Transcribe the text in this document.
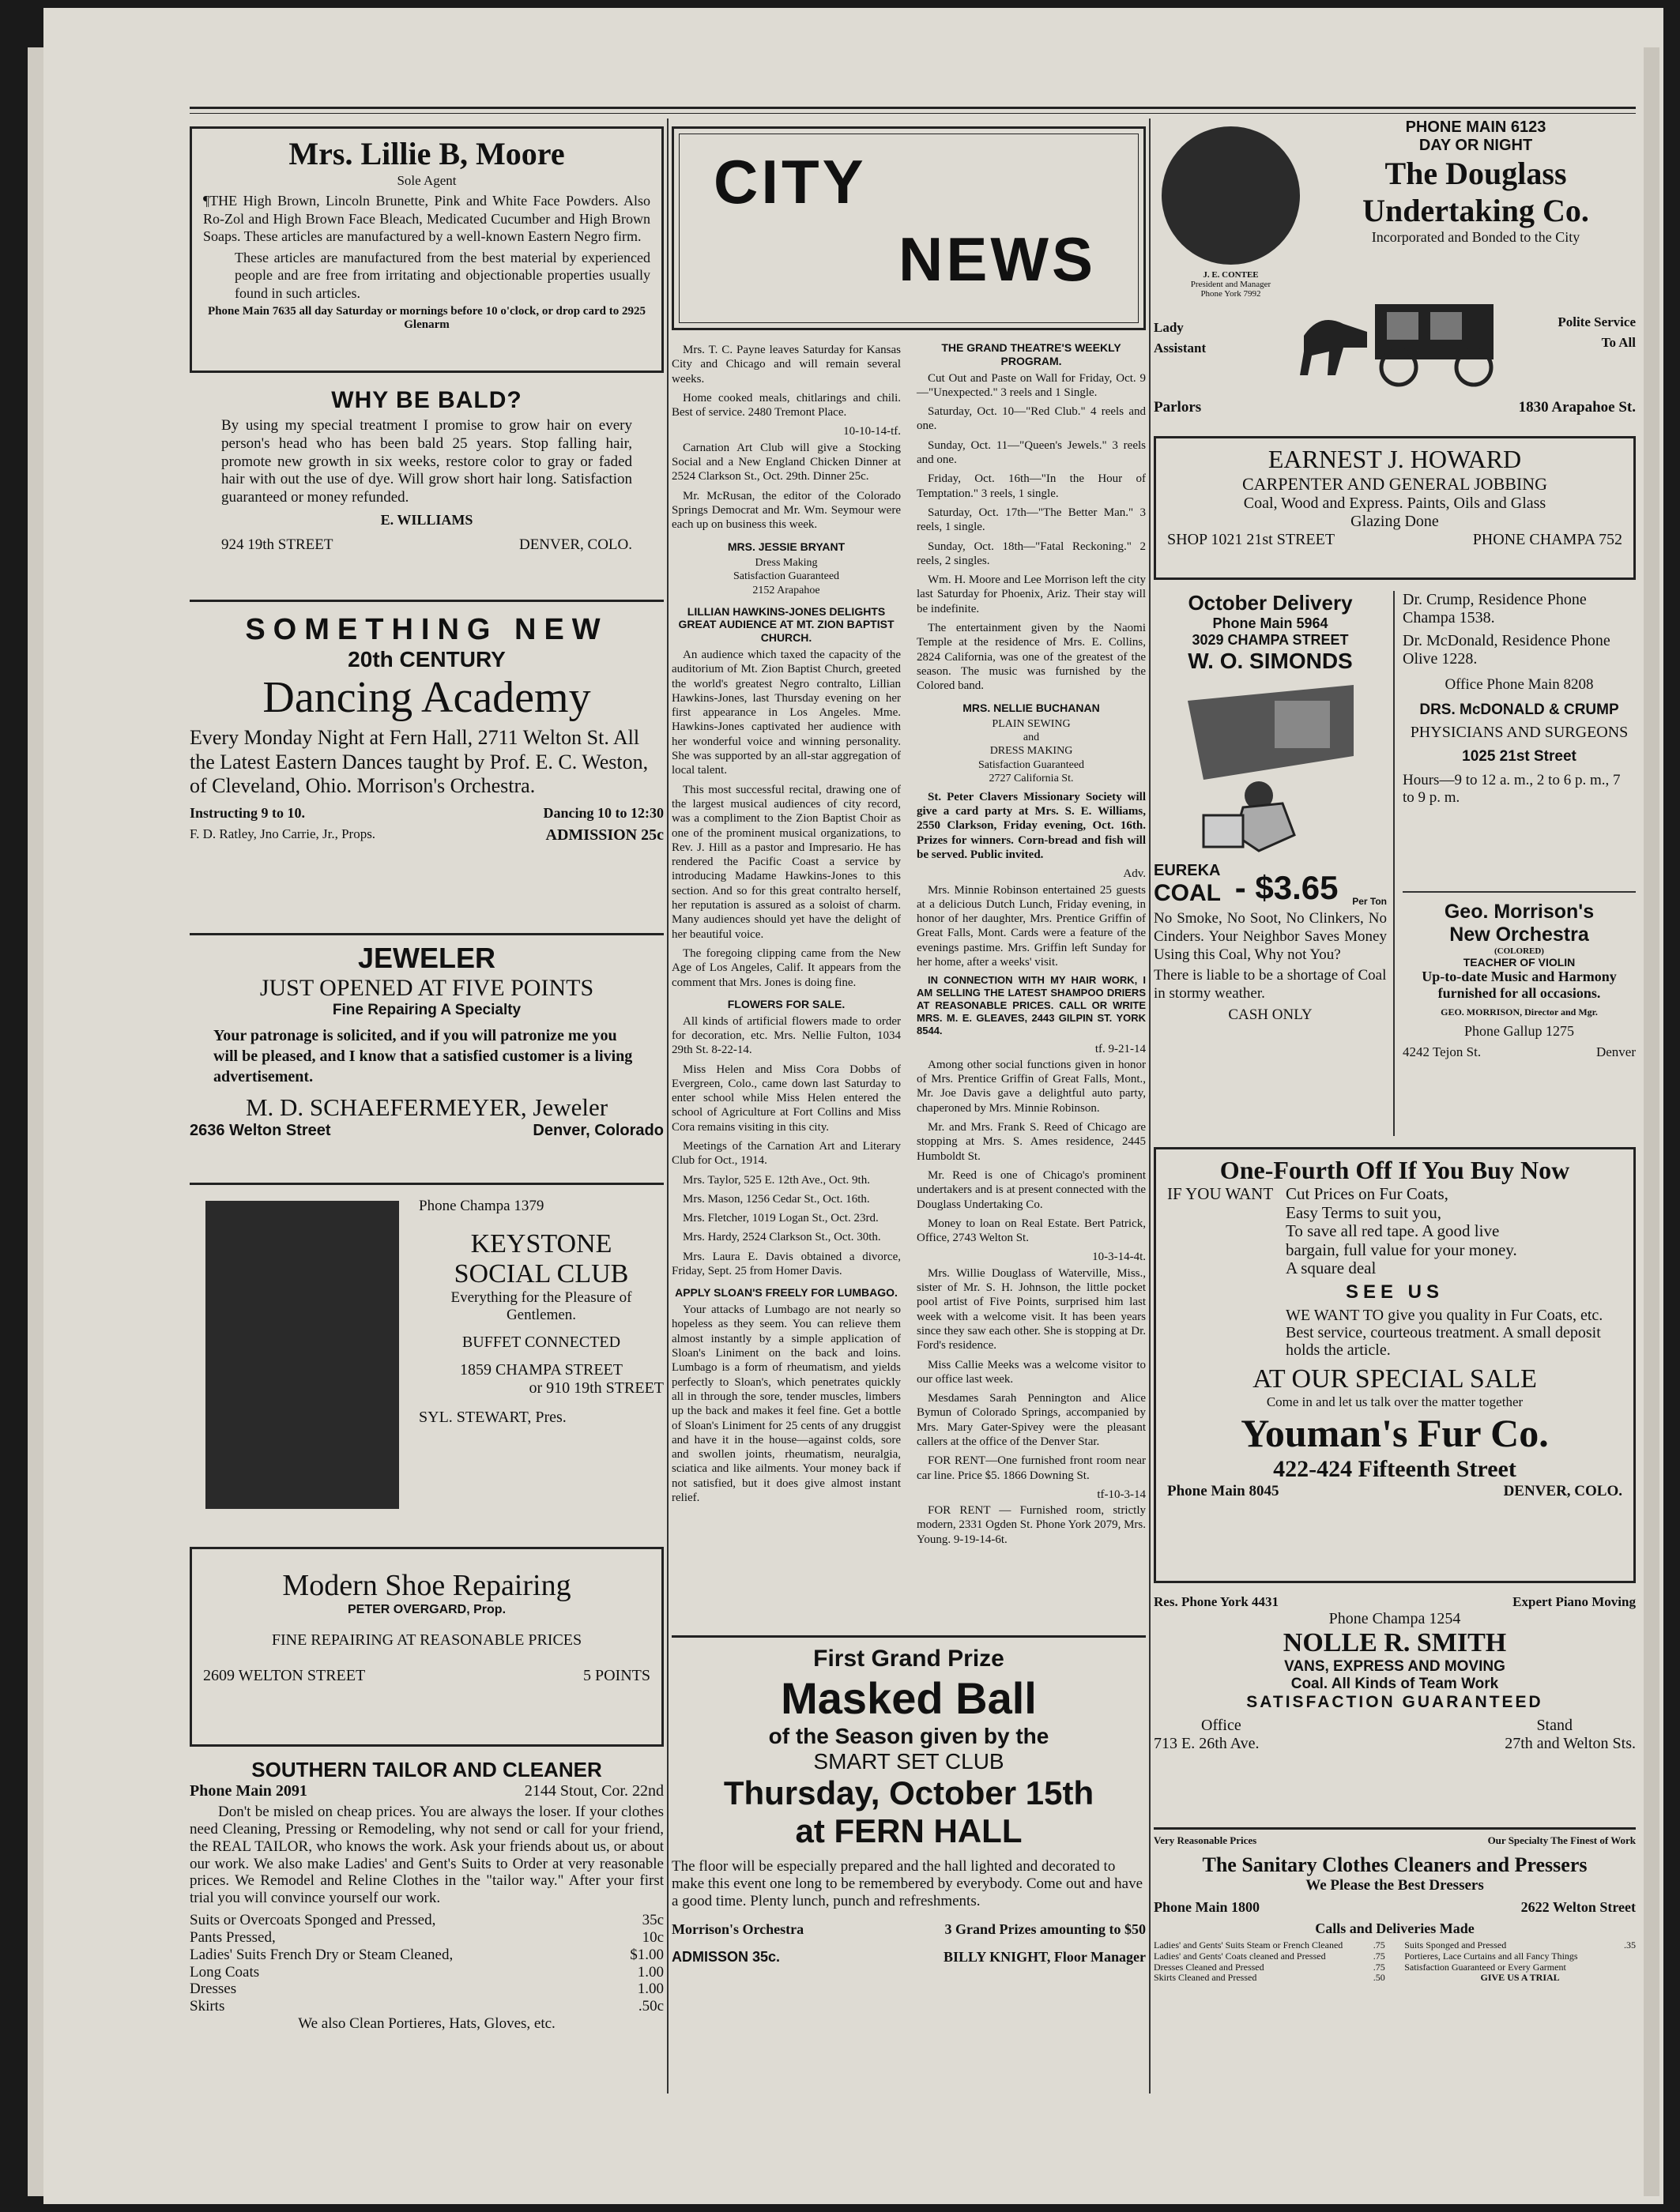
Mrs. Lillie B, Moore
Sole Agent

¶THE High Brown, Lincoln Brunette, Pink and White Face Powders. Also Ro-Zol and High Brown Face Bleach, Medicated Cucumber and High Brown Soaps. These articles are manufactured by a well-known Eastern Negro firm.

These articles are manufactured from the best material by experienced people and are free from irritating and objectionable properties usually found in such articles.

Phone Main 7635 all day Saturday or mornings before 10 o'clock, or drop card to 2925 Glenarm

WHY BE BALD?

By using my special treatment I promise to grow hair on every person's head who has been bald 25 years. Stop falling hair, promote new growth in six weeks, restore color to gray or faded hair with out the use of dye. Will grow short hair long. Satisfaction guaranteed or money refunded.

E. WILLIAMS
924 19th STREET	DENVER, COLO.
SOMETHING NEW
20th CENTURY
Dancing Academy

Every Monday Night at Fern Hall, 2711 Welton St. All the Latest Eastern Dances taught by Prof. E. C. Weston, of Cleveland, Ohio. Morrison's Orchestra.

Instructing 9 to 10.	Dancing 10 to 12:30
F. D. Ratley, Jno Carrie, Jr., Props.	ADMISSION 25c
JEWELER
JUST OPENED AT FIVE POINTS
Fine Repairing A Specialty

Your patronage is solicited, and if you will patronize me you will be pleased, and I know that a satisfied customer is a living advertisement.

M. D. SCHAEFERMEYER, Jeweler
2636 Welton Street	Denver, Colorado
Phone Champa 1379
KEYSTONE
SOCIAL CLUB
Everything for the Pleasure of Gentlemen.
BUFFET CONNECTED
1859 CHAMPA STREET
or 910 19th STREET
SYL. STEWART, Pres.
Modern Shoe Repairing
PETER OVERGARD, Prop.
FINE REPAIRING AT REASONABLE PRICES
2609 WELTON STREET	5 POINTS
SOUTHERN TAILOR AND CLEANER
Phone Main 2091	2144 Stout, Cor. 22nd

Don't be misled on cheap prices. You are always the loser. If your clothes need Cleaning, Pressing or Remodeling, why not send or call for your friend, the REAL TAILOR, who knows the work. Ask your friends about us, or about our work. We also make Ladies' and Gent's Suits to Order at very reasonable prices. We Remodel and Reline Clothes in the "tailor way." After your first trial you will convince yourself our work.

Suits or Overcoats Sponged and Pressed,	35c
Pants Pressed,	10c
Ladies' Suits French Dry or Steam Cleaned,	$1.00
Long Coats	1.00
Dresses	1.00
Skirts	.50c
We also Clean Portieres, Hats, Gloves, etc.
CITY
NEWS

Mrs. T. C. Payne leaves Saturday for Kansas City and Chicago and will remain several weeks.

Home cooked meals, chitlarings and chili. Best of service. 2480 Tremont Place.

10-10-14-tf.

Carnation Art Club will give a Stocking Social and a New England Chicken Dinner at 2524 Clarkson St., Oct. 29th. Dinner 25c.

Mr. McRusan, the editor of the Colorado Springs Democrat and Mr. Wm. Seymour were each up on business this week.

MRS. JESSIE BRYANT
Dress Making
Satisfaction Guaranteed
2152 Arapahoe
LILLIAN HAWKINS-JONES DELIGHTS GREAT AUDIENCE AT MT. ZION BAPTIST CHURCH.

An audience which taxed the capacity of the auditorium of Mt. Zion Baptist Church, greeted the world's greatest Negro contralto, Lillian Hawkins-Jones, last Thursday evening on her first appearance in Los Angeles. Mme. Hawkins-Jones captivated her audience with her wonderful voice and winning personality. She was supported by an all-star aggregation of local talent.

This most successful recital, drawing one of the largest musical audiences of city record, was a compliment to the Zion Baptist Choir as one of the prominent musical organizations, to Rev. J. Hill as a pastor and Impresario. He has rendered the Pacific Coast a service by introducing Madame Hawkins-Jones to this section. And so for this great contralto herself, her reputation is assured as a soloist of charm. Many audiences should yet have the delight of her beautiful voice.

The foregoing clipping came from the New Age of Los Angeles, Calif. It appears from the comment that Mrs. Jones is doing fine.

FLOWERS FOR SALE.

All kinds of artificial flowers made to order for decoration, etc. Mrs. Nellie Fulton, 1034 29th St. 8-22-14.

Miss Helen and Miss Cora Dobbs of Evergreen, Colo., came down last Saturday to enter school while Miss Helen entered the school of Agriculture at Fort Collins and Miss Cora remains visiting in this city.

Meetings of the Carnation Art and Literary Club for Oct., 1914.

Mrs. Taylor, 525 E. 12th Ave., Oct. 9th.

Mrs. Mason, 1256 Cedar St., Oct. 16th.

Mrs. Fletcher, 1019 Logan St., Oct. 23rd.

Mrs. Hardy, 2524 Clarkson St., Oct. 30th.

Mrs. Laura E. Davis obtained a divorce, Friday, Sept. 25 from Homer Davis.

APPLY SLOAN'S FREELY FOR LUMBAGO.

Your attacks of Lumbago are not nearly so hopeless as they seem. You can relieve them almost instantly by a simple application of Sloan's Liniment on the back and loins. Lumbago is a form of rheumatism, and yields perfectly to Sloan's, which penetrates quickly all in through the sore, tender muscles, limbers up the back and makes it feel fine. Get a bottle of Sloan's Liniment for 25 cents of any druggist and have it in the house—against colds, sore and swollen joints, rheumatism, neuralgia, sciatica and like ailments. Your money back if not satisfied, but it does give almost instant relief.

THE GRAND THEATRE'S WEEKLY PROGRAM.

Cut Out and Paste on Wall for Friday, Oct. 9—"Unexpected." 3 reels and 1 Single.

Saturday, Oct. 10—"Red Club." 4 reels and one.

Sunday, Oct. 11—"Queen's Jewels." 3 reels and one.

Friday, Oct. 16th—"In the Hour of Temptation." 3 reels, 1 single.

Saturday, Oct. 17th—"The Better Man." 3 reels, 1 single.

Sunday, Oct. 18th—"Fatal Reckoning." 2 reels, 2 singles.

Wm. H. Moore and Lee Morrison left the city last Saturday for Phoenix, Ariz. Their stay will be indefinite.

The entertainment given by the Naomi Temple at the residence of Mrs. E. Collins, 2824 California, was one of the greatest of the season. The music was furnished by the Colored band.

MRS. NELLIE BUCHANAN
PLAIN SEWING
and
DRESS MAKING
Satisfaction Guaranteed
2727 California St.

St. Peter Clavers Missionary Society will give a card party at Mrs. S. E. Williams, 2550 Clarkson, Friday evening, Oct. 16th. Prizes for winners. Corn-bread and fish will be served. Public invited.

Adv.

Mrs. Minnie Robinson entertained 25 guests at a delicious Dutch Lunch, Friday evening, in honor of her daughter, Mrs. Prentice Griffin of Great Falls, Mont. Cards were a feature of the evenings pastime. Mrs. Griffin left Sunday for her home, after a weeks' visit.

IN CONNECTION WITH MY HAIR WORK, I AM SELLING THE LATEST SHAMPOO DRIERS AT REASONABLE PRICES. CALL OR WRITE MRS. M. E. GLEAVES, 2443 GILPIN ST. YORK 8544.

tf. 9-21-14

Among other social functions given in honor of Mrs. Prentice Griffin of Great Falls, Mont., Mr. Joe Davis gave a delightful auto party, chaperoned by Mrs. Minnie Robinson.

Mr. and Mrs. Frank S. Reed of Chicago are stopping at Mrs. S. Ames residence, 2445 Humboldt St.

Mr. Reed is one of Chicago's prominent undertakers and is at present connected with the Douglass Undertaking Co.

Money to loan on Real Estate. Bert Patrick, Office, 2743 Welton St.

10-3-14-4t.

Mrs. Willie Douglass of Waterville, Miss., sister of Mr. S. H. Johnson, the little pocket pool artist of Five Points, surprised him last week with a welcome visit. It has been years since they saw each other. She is stopping at Dr. Ford's residence.

Miss Callie Meeks was a welcome visitor to our office last week.

Mesdames Sarah Pennington and Alice Bymun of Colorado Springs, accompanied by Mrs. Mary Gater-Spivey were the pleasant callers at the office of the Denver Star.

FOR RENT—One furnished front room near car line. Price $5. 1866 Downing St.

tf-10-3-14

FOR RENT — Furnished room, strictly modern, 2331 Ogden St. Phone York 2079, Mrs. Young. 9-19-14-6t.

First Grand Prize
Masked Ball
of the Season given by the
SMART SET CLUB
Thursday, October 15th
at FERN HALL

The floor will be especially prepared and the hall lighted and decorated to make this event one long to be remembered by everybody. Come out and have a good time. Plenty lunch, punch and refreshments.

Morrison's Orchestra	3 Grand Prizes amounting to $50
ADMISSON 35c.	BILLY KNIGHT, Floor Manager
J. E. CONTEE
President and Manager
Phone York 7992
PHONE MAIN 6123
DAY OR NIGHT
The Douglass
Undertaking Co.
Incorporated and Bonded to the City
Lady
Assistant
Polite Service
To All
Parlors	1830 Arapahoe St.
EARNEST J. HOWARD
CARPENTER AND GENERAL JOBBING
Coal, Wood and Express. Paints, Oils and Glass
Glazing Done
SHOP 1021 21st STREET	PHONE CHAMPA 752
October Delivery
Phone Main 5964
3029 CHAMPA STREET
W. O. SIMONDS
EUREKA
COAL - $3.65 Per Ton

No Smoke, No Soot, No Clinkers, No Cinders. Your Neighbor Saves Money Using this Coal, Why not You?

There is liable to be a shortage of Coal in stormy weather.

CASH ONLY
Dr. Crump, Residence Phone Champa 1538.
Dr. McDonald, Residence Phone Olive 1228.
Office Phone Main 8208
DRS. McDONALD & CRUMP
PHYSICIANS AND SURGEONS
1025 21st Street
Hours—9 to 12 a. m., 2 to 6 p. m., 7 to 9 p. m.
Geo. Morrison's
New Orchestra
(COLORED)
TEACHER OF VIOLIN
Up-to-date Music and Harmony furnished for all occasions.
GEO. MORRISON, Director and Mgr.
Phone Gallup 1275
4242 Tejon St.	Denver
One-Fourth Off If You Buy Now
IF YOU WANT Cut Prices on Fur Coats,
Easy Terms to suit you,
To save all red tape. A good live bargain, full value for your money.
A square deal
SEE US

WE WANT TO give you quality in Fur Coats, etc. Best service, courteous treatment. A small deposit holds the article.

AT OUR SPECIAL SALE
Come in and let us talk over the matter together
Youman's Fur Co.
422-424 Fifteenth Street
Phone Main 8045	DENVER, COLO.
Res. Phone York 4431	Expert Piano Moving
Phone Champa 1254
NOLLE R. SMITH
VANS, EXPRESS AND MOVING
Coal. All Kinds of Team Work
SATISFACTION GUARANTEED
Office
713 E. 26th Ave.
Stand
27th and Welton Sts.
Very Reasonable Prices	Our Specialty The Finest of Work
The Sanitary Clothes Cleaners and Pressers
We Please the Best Dressers
Phone Main 1800	2622 Welton Street
Calls and Deliveries Made
Ladies' and Gents' Suits Steam or French Cleaned	.75
Ladies' and Gents' Coats cleaned and Pressed	.75
Dresses Cleaned and Pressed	.75
Skirts Cleaned and Pressed	.50
Suits Sponged and Pressed	.35
Portieres, Lace Curtains and all Fancy Things
Satisfaction Guaranteed or Every Garment
GIVE US A TRIAL
